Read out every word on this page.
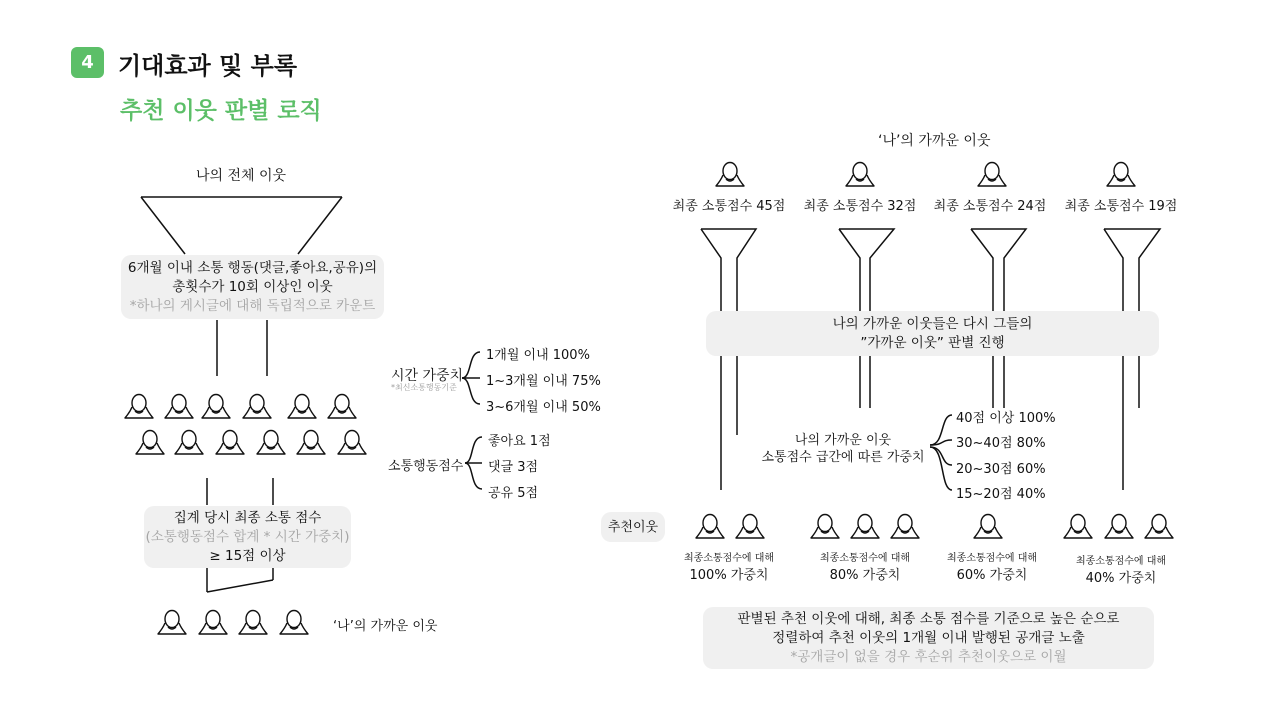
4	기대효과 및 부록
추천 이웃 판별 로직
나의 전체 이웃
6개월 이내 소통 행동(댓글,좋아요,공유)의
총횟수가 10회 이상인 이웃
*하나의 게시글에 대해 독립적으로 카운트
시간 가중치
*최신소통행동기준
1개월 이내 100%
1~3개월 이내 75%
3~6개월 이내 50%
소통행동점수
좋아요 1점
댓글 3점
공유 5점
집계 당시 최종 소통 점수
(소통행동점수 합계 * 시간 가중치)
≥ 15점 이상
‘나’의 가까운 이웃
‘나’의 가까운 이웃
최종 소통점수 45점	최종 소통점수 32점	최종 소통점수 24점	최종 소통점수 19점
나의 가까운 이웃들은 다시 그들의
”가까운 이웃” 판별 진행
나의 가까운 이웃
소통점수 급간에 따른 가중치
40점 이상 100%
30~40점 80%
20~30점 60%
15~20점 40%
추천이웃
최종소통점수에 대해
100% 가중치
최종소통점수에 대해
80% 가중치
최종소통점수에 대해
60% 가중치
최종소통점수에 대해
40% 가중치
판별된 추천 이웃에 대해, 최종 소통 점수를 기준으로 높은 순으로
정렬하여 추천 이웃의 1개월 이내 발행된 공개글 노출
*공개글이 없을 경우 후순위 추천이웃으로 이월
